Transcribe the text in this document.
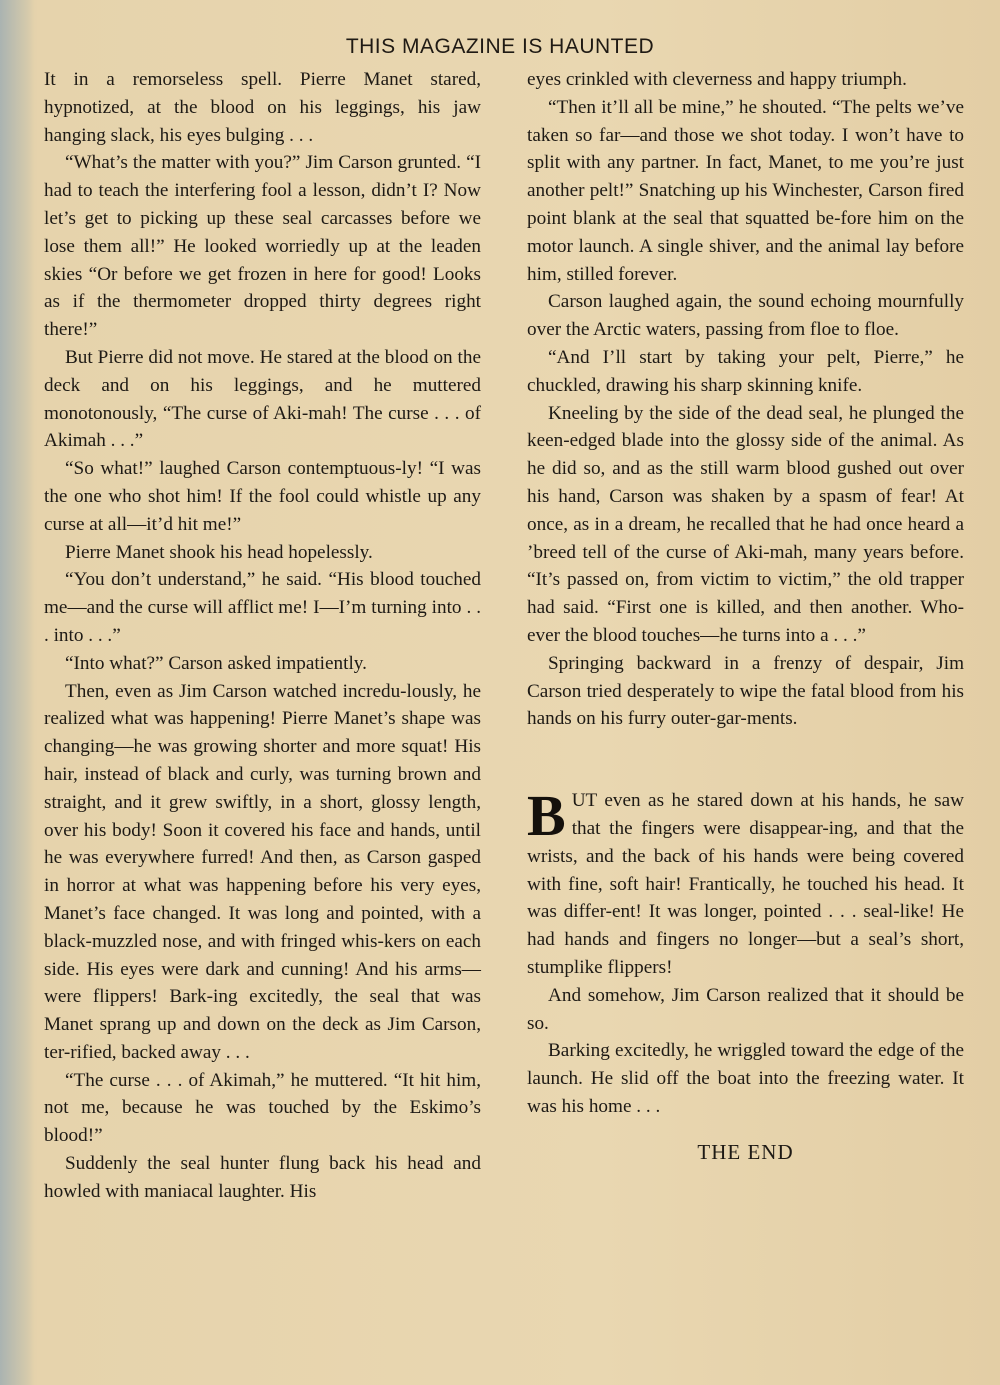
THIS MAGAZINE IS HAUNTED

It in a remorseless spell. Pierre Manet stared, hypnotized, at the blood on his leggings, his jaw hanging slack, his eyes bulging . . .

“What’s the matter with you?” Jim Carson grunted. “I had to teach the interfering fool a lesson, didn’t I? Now let’s get to picking up these seal carcasses before we lose them all!” He looked worriedly up at the leaden skies “Or before we get frozen in here for good! Looks as if the thermometer dropped thirty degrees right there!”

But Pierre did not move. He stared at the blood on the deck and on his leggings, and he muttered monotonously, “The curse of Aki-mah! The curse . . . of Akimah . . .”

“So what!” laughed Carson contemptuous-ly! “I was the one who shot him! If the fool could whistle up any curse at all—it’d hit me!”

Pierre Manet shook his head hopelessly.

“You don’t understand,” he said. “His blood touched me—and the curse will afflict me! I—I’m turning into . . . into . . .”

“Into what?” Carson asked impatiently.

Then, even as Jim Carson watched incredu-lously, he realized what was happening! Pierre Manet’s shape was changing—he was growing shorter and more squat! His hair, instead of black and curly, was turning brown and straight, and it grew swiftly, in a short, glossy length, over his body! Soon it covered his face and hands, until he was everywhere furred! And then, as Carson gasped in horror at what was happening before his very eyes, Manet’s face changed. It was long and pointed, with a black-muzzled nose, and with fringed whis-kers on each side. His eyes were dark and cunning! And his arms—were flippers! Bark-ing excitedly, the seal that was Manet sprang up and down on the deck as Jim Carson, ter-rified, backed away . . .

“The curse . . . of Akimah,” he muttered. “It hit him, not me, because he was touched by the Eskimo’s blood!”

Suddenly the seal hunter flung back his head and howled with maniacal laughter. His

eyes crinkled with cleverness and happy triumph.

“Then it’ll all be mine,” he shouted. “The pelts we’ve taken so far—and those we shot today. I won’t have to split with any partner. In fact, Manet, to me you’re just another pelt!” Snatching up his Winchester, Carson fired point blank at the seal that squatted be-fore him on the motor launch. A single shiver, and the animal lay before him, stilled forever.

Carson laughed again, the sound echoing mournfully over the Arctic waters, passing from floe to floe.

“And I’ll start by taking your pelt, Pierre,” he chuckled, drawing his sharp skinning knife.

Kneeling by the side of the dead seal, he plunged the keen-edged blade into the glossy side of the animal. As he did so, and as the still warm blood gushed out over his hand, Carson was shaken by a spasm of fear! At once, as in a dream, he recalled that he had once heard a ’breed tell of the curse of Aki-mah, many years before. “It’s passed on, from victim to victim,” the old trapper had said. “First one is killed, and then another. Who-ever the blood touches—he turns into a . . .”

Springing backward in a frenzy of despair, Jim Carson tried desperately to wipe the fatal blood from his hands on his furry outer-gar-ments.

BUT even as he stared down at his hands, he saw that the fingers were disappear-ing, and that the wrists, and the back of his hands were being covered with fine, soft hair! Frantically, he touched his head. It was differ-ent! It was longer, pointed . . . seal-like! He had hands and fingers no longer—but a seal’s short, stumplike flippers!

And somehow, Jim Carson realized that it should be so.

Barking excitedly, he wriggled toward the edge of the launch. He slid off the boat into the freezing water. It was his home . . .

THE END
